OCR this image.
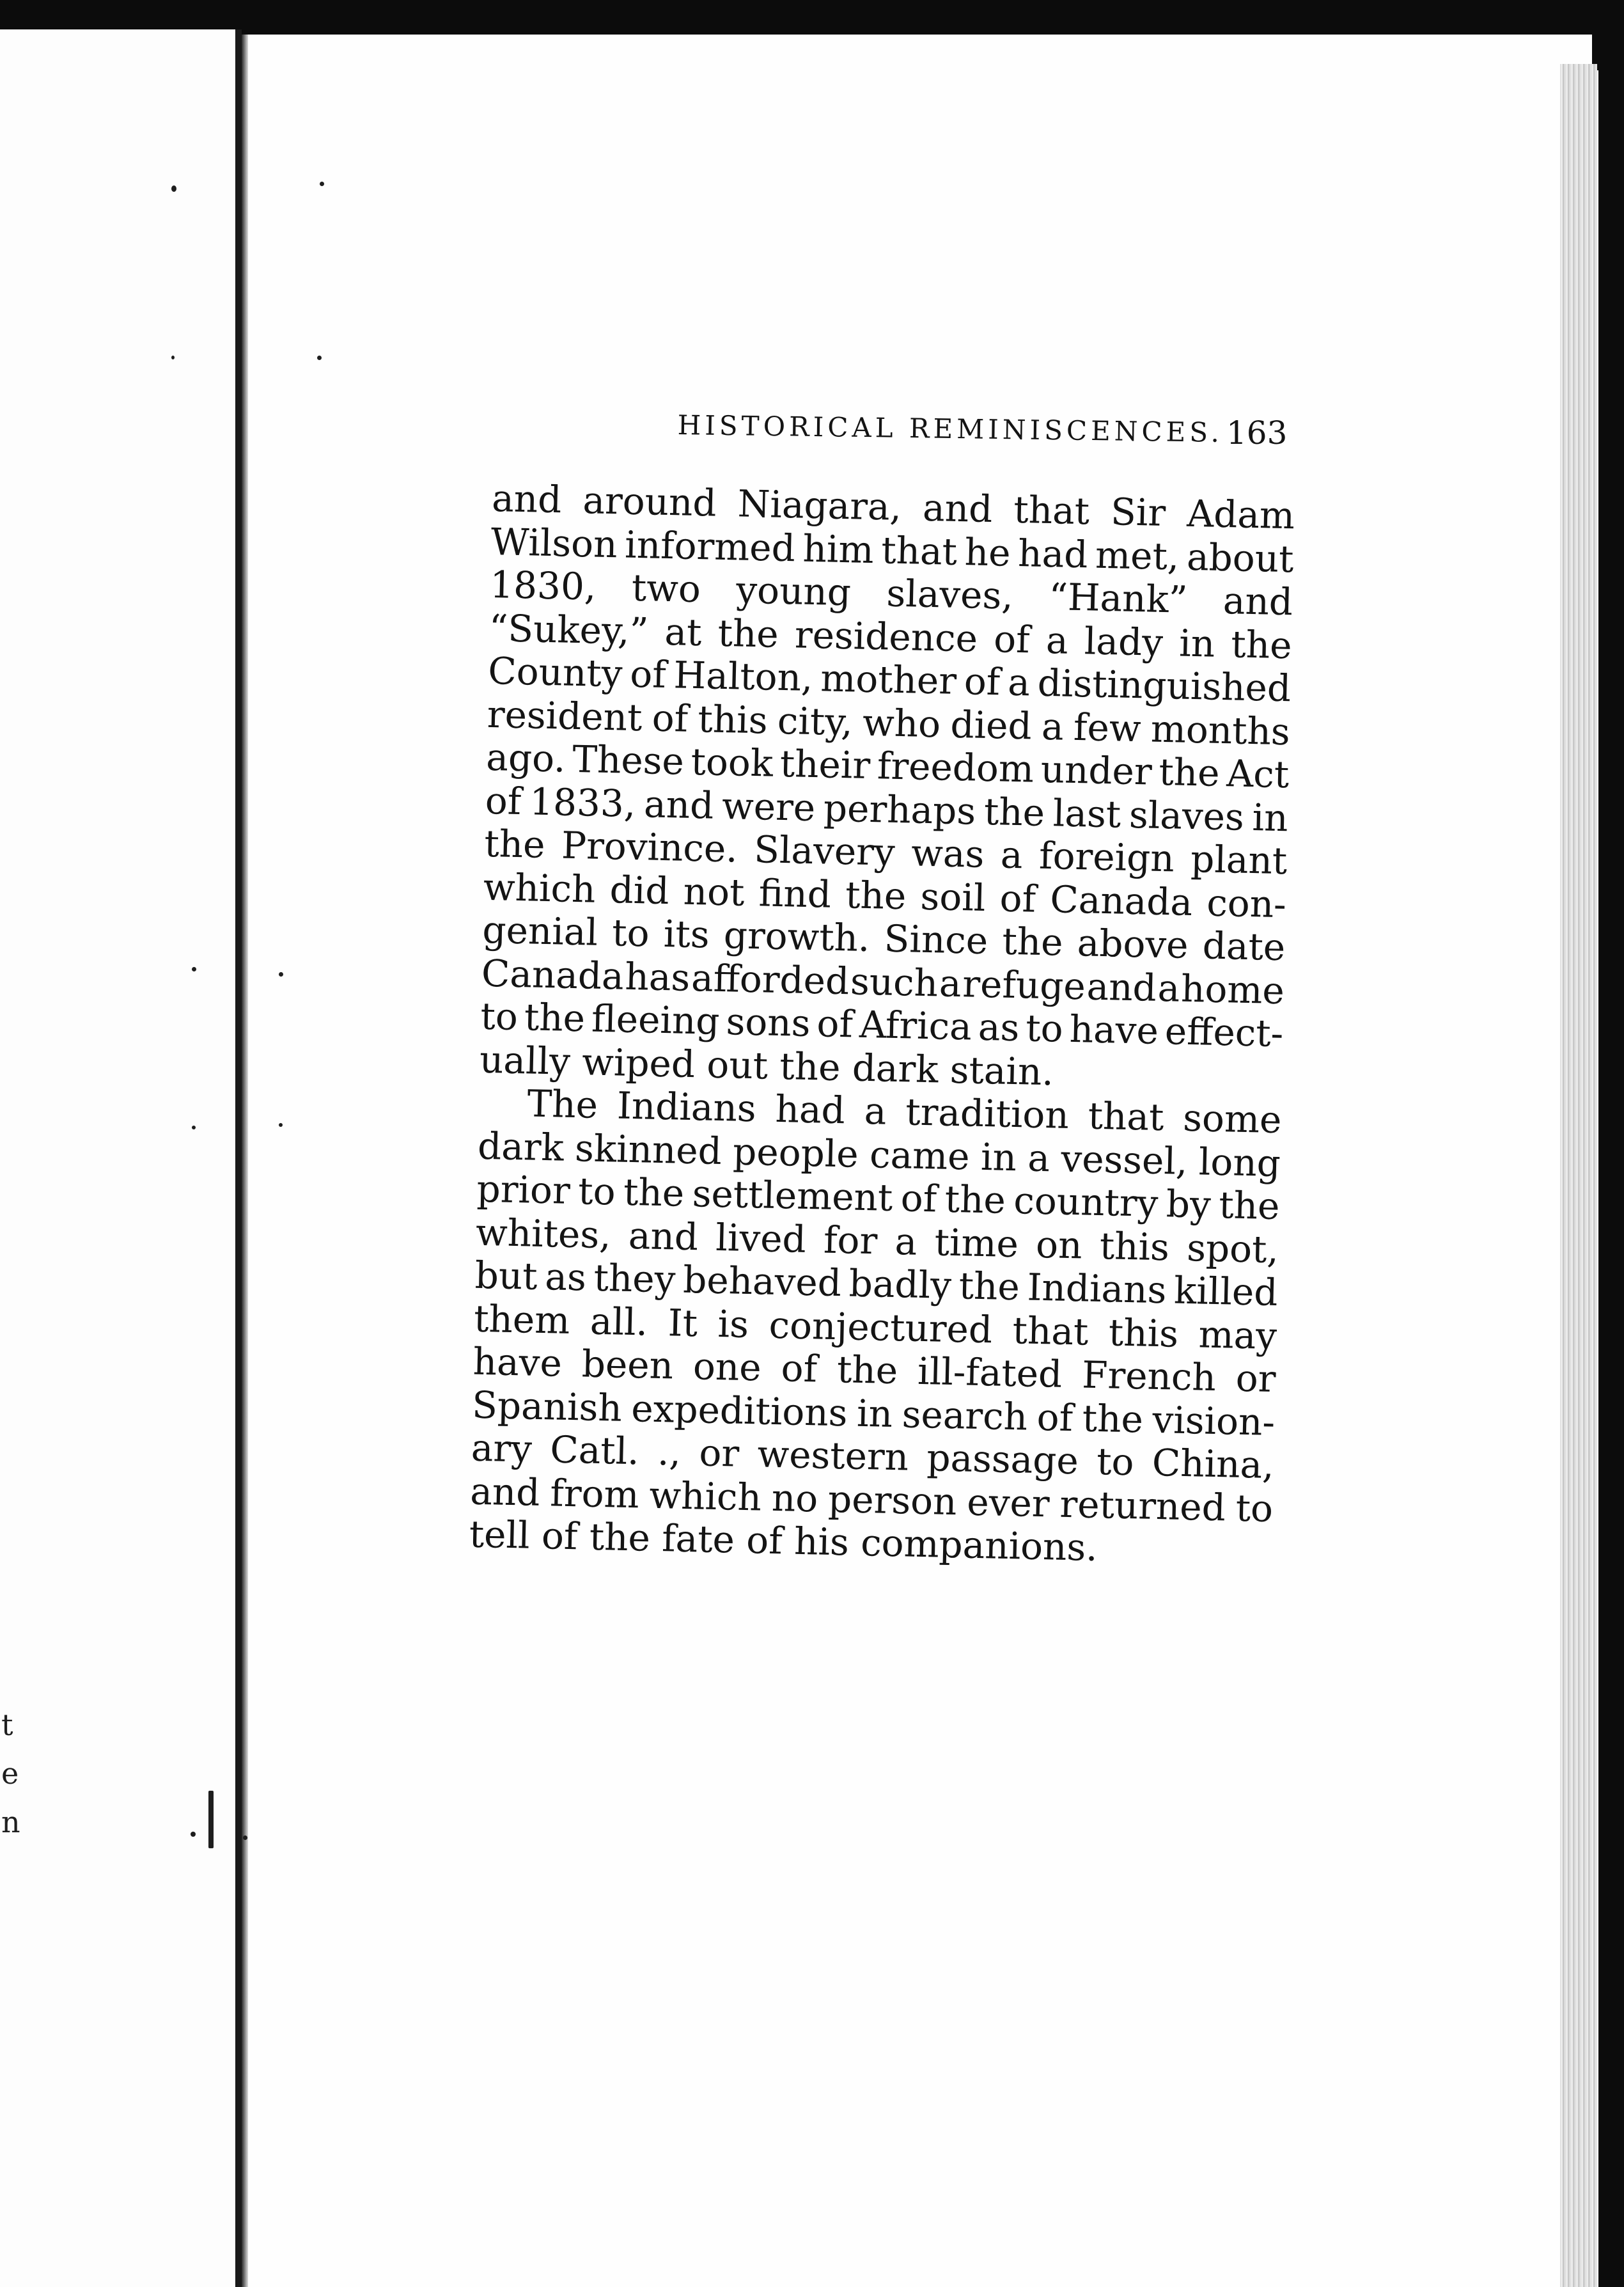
t
e
n
HISTORICAL REMINISCENCES. 163
and around Niagara, and that Sir Adam
Wilson informed him that he had met, about
1830, two young slaves, “Hank” and
“Sukey,” at the residence of a lady in the
County of Halton, mother of a distinguished
resident of this city, who died a few months
ago. These took their freedom under the Act
of 1833, and were perhaps the last slaves in
the Province. Slavery was a foreign plant
which did not find the soil of Canada con-
genial to its growth. Since the above date
Canada has afforded such a refuge and a home
to the fleeing sons of Africa as to have effect-
ually wiped out the dark stain.
The Indians had a tradition that some
dark skinned people came in a vessel, long
prior to the settlement of the country by the
whites, and lived for a time on this spot,
but as they behaved badly the Indians killed
them all. It is conjectured that this may
have been one of the ill-fated French or
Spanish expeditions in search of the vision-
ary Catl. ., or western passage to China,
and from which no person ever returned to
tell of the fate of his companions.
